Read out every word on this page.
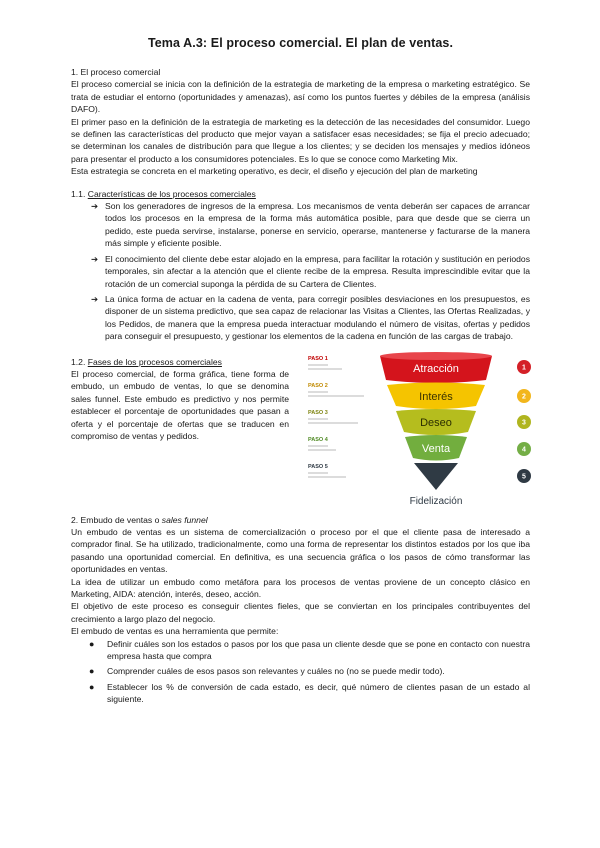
Tema A.3: El proceso comercial. El plan de ventas.

1. El proceso comercial

El proceso comercial se inicia con la definición de la estrategia de marketing de la empresa o marketing estratégico. Se trata de estudiar el entorno (oportunidades y amenazas), así como los puntos fuertes y débiles de la empresa (análisis DAFO).

El primer paso en la definición de la estrategia de marketing es la detección de las necesidades del consumidor. Luego se definen las características del producto que mejor vayan a satisfacer esas necesidades; se fija el precio adecuado; se determinan los canales de distribución para que llegue a los clientes; y se deciden los mensajes y medios idóneos para presentar el producto a los consumidores potenciales. Es lo que se conoce como Marketing Mix.

Esta estrategia se concreta en el marketing operativo, es decir, el diseño y ejecución del plan de marketing

1.1. Características de los procesos comerciales

➔ Son los generadores de ingresos de la empresa. Los mecanismos de venta deberán ser capaces de arrancar todos los procesos en la empresa de la forma más automática posible, para que desde que se cierra un pedido, este pueda servirse, instalarse, ponerse en servicio, operarse, mantenerse y facturarse de la manera más simple y eficiente posible.
➔ El conocimiento del cliente debe estar alojado en la empresa, para facilitar la rotación y sustitución en periodos temporales, sin afectar a la atención que el cliente recibe de la empresa. Resulta imprescindible evitar que la rotación de un comercial suponga la pérdida de su Cartera de Clientes.
➔ La única forma de actuar en la cadena de venta, para corregir posibles desviaciones en los presupuestos, es disponer de un sistema predictivo, que sea capaz de relacionar las Visitas a Clientes, las Ofertas Realizadas, y los Pedidos, de manera que la empresa pueda interactuar modulando el número de visitas, ofertas y pedidos para conseguir el presupuesto, y gestionar los elementos de la cadena en función de las cargas de trabajo.

1.2. Fases de los procesos comerciales

El proceso comercial, de forma gráfica, tiene forma de embudo, un embudo de ventas, lo que se denomina sales funnel. Este embudo es predictivo y nos permite establecer el porcentaje de oportunidades que pasan a oferta y el porcentaje de ofertas que se traducen en compromiso de ventas y pedidos.

PASO 1
PASO 2
PASO 3
PASO 4
PASO 5
Atracción
Interés
Deseo
Venta
Fidelización
1
2
3
4
5

2. Embudo de ventas o sales funnel

Un embudo de ventas es un sistema de comercialización o proceso por el que el cliente pasa de interesado a comprador final. Se ha utilizado, tradicionalmente, como una forma de representar los distintos estados por los que iba pasando una oportunidad comercial. En definitiva, es una secuencia gráfica o los pasos de cómo transformar las oportunidades en ventas.

La idea de utilizar un embudo como metáfora para los procesos de ventas proviene de un concepto clásico en Marketing, AIDA: atención, interés, deseo, acción.

El objetivo de este proceso es conseguir clientes fieles, que se conviertan en los principales contribuyentes del crecimiento a largo plazo del negocio.

El embudo de ventas es una herramienta que permite:

● Definir cuáles son los estados o pasos por los que pasa un cliente desde que se pone en contacto con nuestra empresa hasta que compra
● Comprender cuáles de esos pasos son relevantes y cuáles no (no se puede medir todo).
● Establecer los % de conversión de cada estado, es decir, qué número de clientes pasan de un estado al siguiente.
